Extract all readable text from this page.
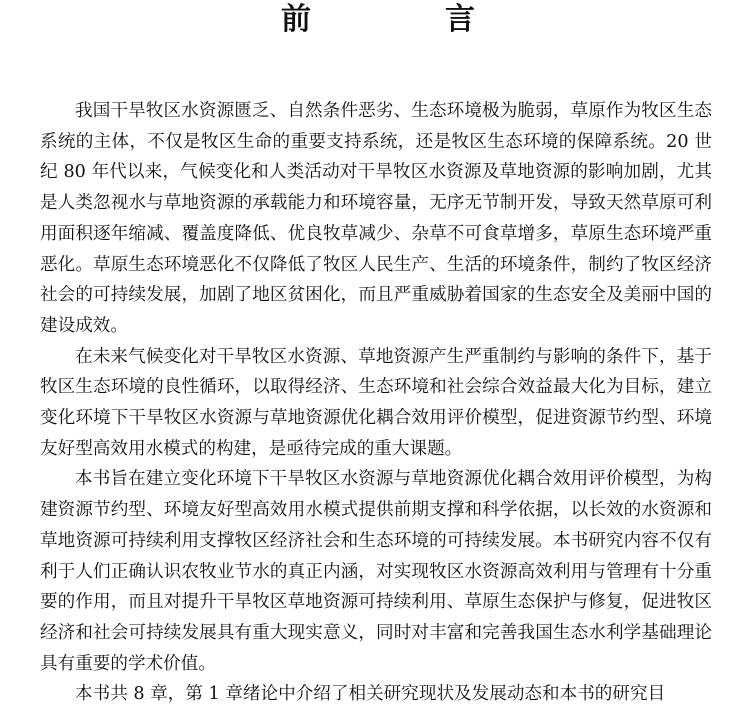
前　言

我国干旱牧区水资源匮乏、自然条件恶劣、生态环境极为脆弱，草原作为牧区生态系统的主体，不仅是牧区生命的重要支持系统，还是牧区生态环境的保障系统。20 世纪 80 年代以来，气候变化和人类活动对干旱牧区水资源及草地资源的影响加剧，尤其是人类忽视水与草地资源的承载能力和环境容量，无序无节制开发，导致天然草原可利用面积逐年缩减、覆盖度降低、优良牧草减少、杂草不可食草增多，草原生态环境严重恶化。草原生态环境恶化不仅降低了牧区人民生产、生活的环境条件，制约了牧区经济社会的可持续发展，加剧了地区贫困化，而且严重威胁着国家的生态安全及美丽中国的建设成效。

在未来气候变化对干旱牧区水资源、草地资源产生严重制约与影响的条件下，基于牧区生态环境的良性循环，以取得经济、生态环境和社会综合效益最大化为目标，建立变化环境下干旱牧区水资源与草地资源优化耦合效用评价模型，促进资源节约型、环境友好型高效用水模式的构建，是亟待完成的重大课题。

本书旨在建立变化环境下干旱牧区水资源与草地资源优化耦合效用评价模型，为构建资源节约型、环境友好型高效用水模式提供前期支撑和科学依据，以长效的水资源和草地资源可持续利用支撑牧区经济社会和生态环境的可持续发展。本书研究内容不仅有利于人们正确认识农牧业节水的真正内涵，对实现牧区水资源高效利用与管理有十分重要的作用，而且对提升干旱牧区草地资源可持续利用、草原生态保护与修复，促进牧区经济和社会可持续发展具有重大现实意义，同时对丰富和完善我国生态水利学基础理论具有重要的学术价值。

本书共 8 章，第 1 章绪论中介绍了相关研究现状及发展动态和本书的研究目
